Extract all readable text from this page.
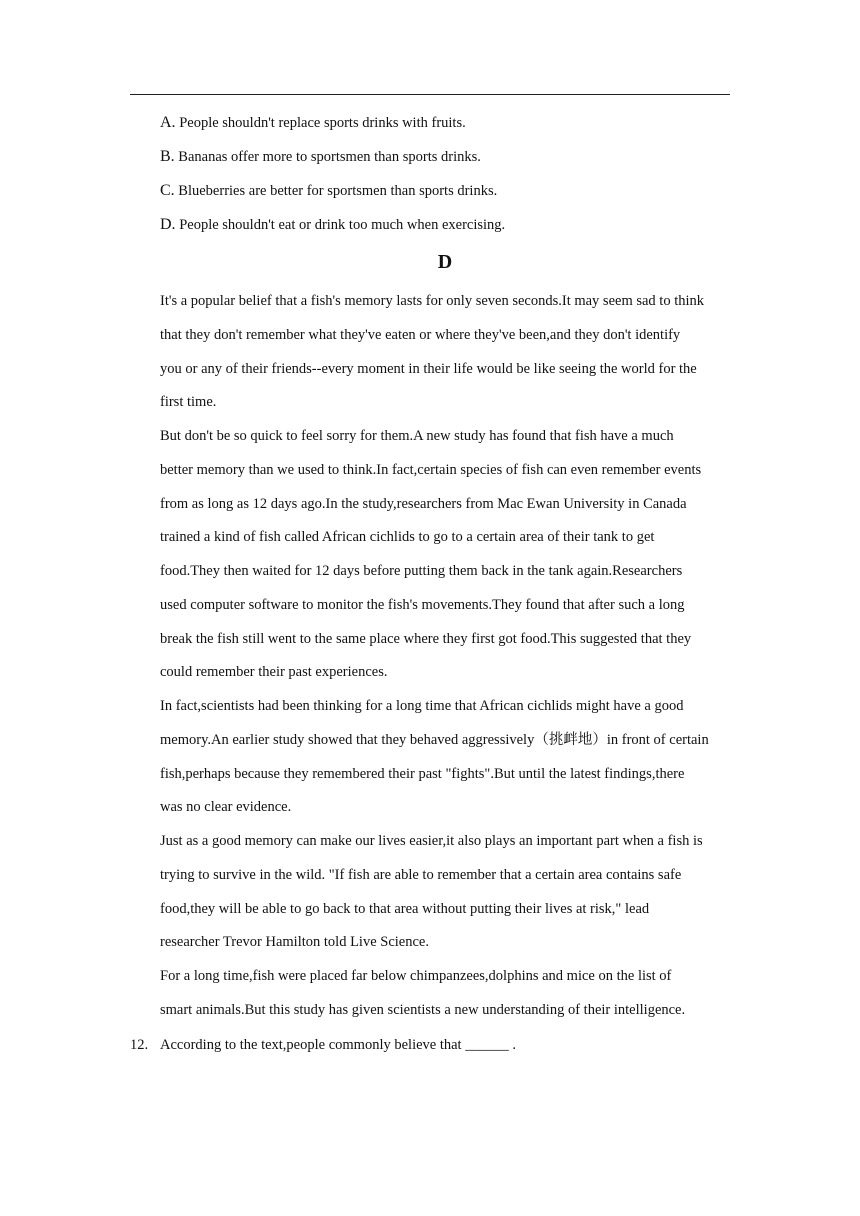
A. People shouldn't replace sports drinks with fruits.
B. Bananas offer more to sportsmen than sports drinks.
C. Blueberries are better for sportsmen than sports drinks.
D. People shouldn't eat or drink too much when exercising.
D
It's a popular belief that a fish's memory lasts for only seven seconds.It may seem sad to think
that they don't remember what they've eaten or where they've been,and they don't identify
you or any of their friends--every moment in their life would be like seeing the world for the
first time.
But don't be so quick to feel sorry for them.A new study has found that fish have a much
better memory than we used to think.In fact,certain species of fish can even remember events
from as long as 12 days ago.In the study,researchers from Mac Ewan University in Canada
trained a kind of fish called African cichlids to go to a certain area of their tank to get
food.They then waited for 12 days before putting them back in the tank again.Researchers
used computer software to monitor the fish's movements.They found that after such a long
break the fish still went to the same place where they first got food.This suggested that they
could remember their past experiences.
In fact,scientists had been thinking for a long time that African cichlids might have a good
memory.An earlier study showed that they behaved aggressively（挑衅地）in front of certain
fish,perhaps because they remembered their past "fights".But until the latest findings,there
was no clear evidence.
Just as a good memory can make our lives easier,it also plays an important part when a fish is
trying to survive in the wild. "If fish are able to remember that a certain area contains safe
food,they will be able to go back to that area without putting their lives at risk," lead
researcher Trevor Hamilton told Live Science.
For a long time,fish were placed far below chimpanzees,dolphins and mice on the list of
smart animals.But this study has given scientists a new understanding of their intelligence.
12. According to the text,people commonly believe that ______ .
